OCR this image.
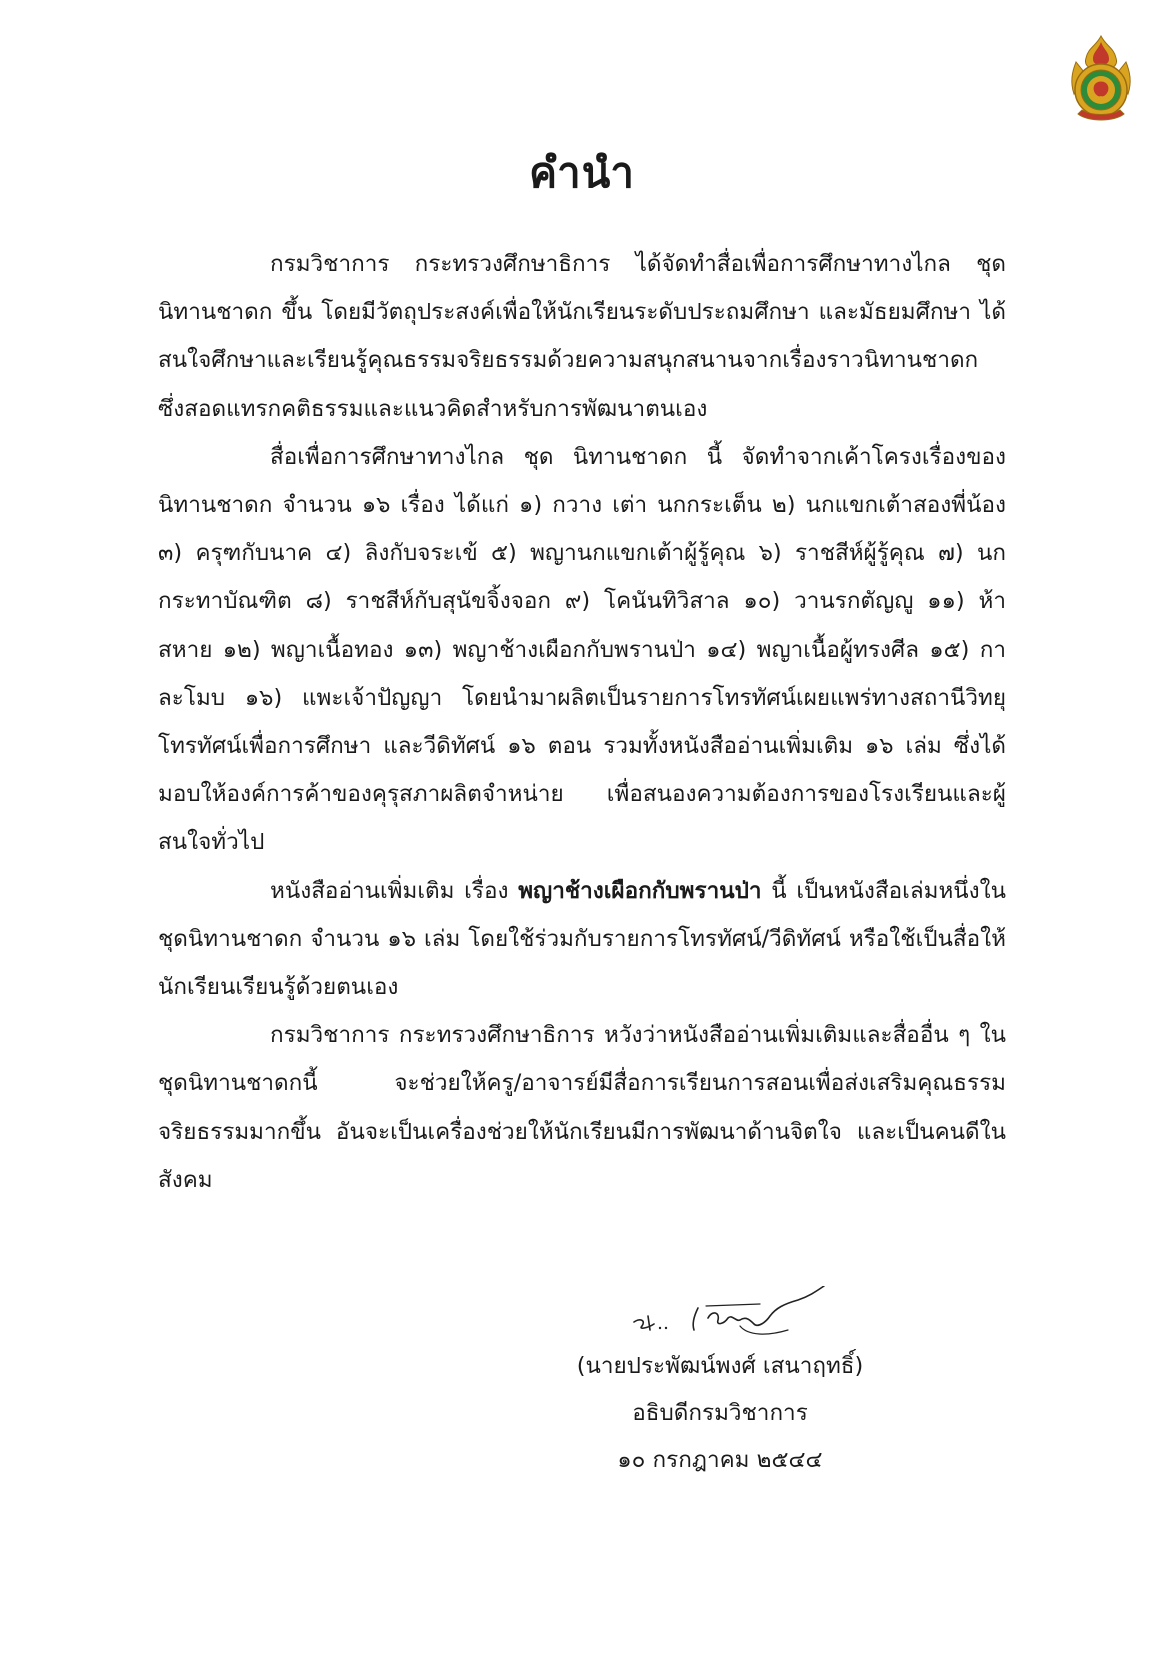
คำนำ

กรมวิชาการ กระทรวงศึกษาธิการ ได้จัดทำสื่อเพื่อการศึกษาทางไกล ชุด นิทานชาดก ขึ้น โดยมีวัตถุประสงค์เพื่อให้นักเรียนระดับประถมศึกษา และมัธยมศึกษา ได้สนใจศึกษาและเรียนรู้คุณธรรมจริยธรรมด้วยความสนุกสนานจากเรื่องราวนิทานชาดก ซึ่งสอดแทรกคติธรรมและแนวคิดสำหรับการพัฒนาตนเอง

สื่อเพื่อการศึกษาทางไกล ชุด นิทานชาดก นี้ จัดทำจากเค้าโครงเรื่องของนิทานชาดก จำนวน ๑๖ เรื่อง ได้แก่ ๑) กวาง เต่า นกกระเต็น ๒) นกแขกเต้าสองพี่น้อง ๓) ครุฑกับนาค ๔) ลิงกับจระเข้ ๕) พญานกแขกเต้าผู้รู้คุณ ๖) ราชสีห์ผู้รู้คุณ ๗) นกกระทาบัณฑิต ๘) ราชสีห์กับสุนัขจิ้งจอก ๙) โคนันทิวิสาล ๑๐) วานรกตัญญู ๑๑) ห้าสหาย ๑๒) พญาเนื้อทอง ๑๓) พญาช้างเผือกกับพรานป่า ๑๔) พญาเนื้อผู้ทรงศีล ๑๕) กาละโมบ ๑๖) แพะเจ้าปัญญา โดยนำมาผลิตเป็นรายการโทรทัศน์เผยแพร่ทางสถานีวิทยุโทรทัศน์เพื่อการศึกษา และวีดิทัศน์ ๑๖ ตอน รวมทั้งหนังสืออ่านเพิ่มเติม ๑๖ เล่ม ซึ่งได้มอบให้องค์การค้าของคุรุสภาผลิตจำหน่าย เพื่อสนองความต้องการของโรงเรียนและผู้สนใจทั่วไป

หนังสืออ่านเพิ่มเติม เรื่อง พญาช้างเผือกกับพรานป่า นี้ เป็นหนังสือเล่มหนึ่งในชุดนิทานชาดก จำนวน ๑๖ เล่ม โดยใช้ร่วมกับรายการโทรทัศน์/วีดิทัศน์ หรือใช้เป็นสื่อให้นักเรียนเรียนรู้ด้วยตนเอง

กรมวิชาการ กระทรวงศึกษาธิการ หวังว่าหนังสืออ่านเพิ่มเติมและสื่ออื่น ๆ ในชุดนิทานชาดกนี้ จะช่วยให้ครู/อาจารย์มีสื่อการเรียนการสอนเพื่อส่งเสริมคุณธรรม จริยธรรมมากขึ้น อันจะเป็นเครื่องช่วยให้นักเรียนมีการพัฒนาด้านจิตใจ และเป็นคนดีในสังคม

(นายประพัฒน์พงศ์ เสนาฤทธิ์)
อธิบดีกรมวิชาการ
๑๐ กรกฎาคม ๒๕๔๔
